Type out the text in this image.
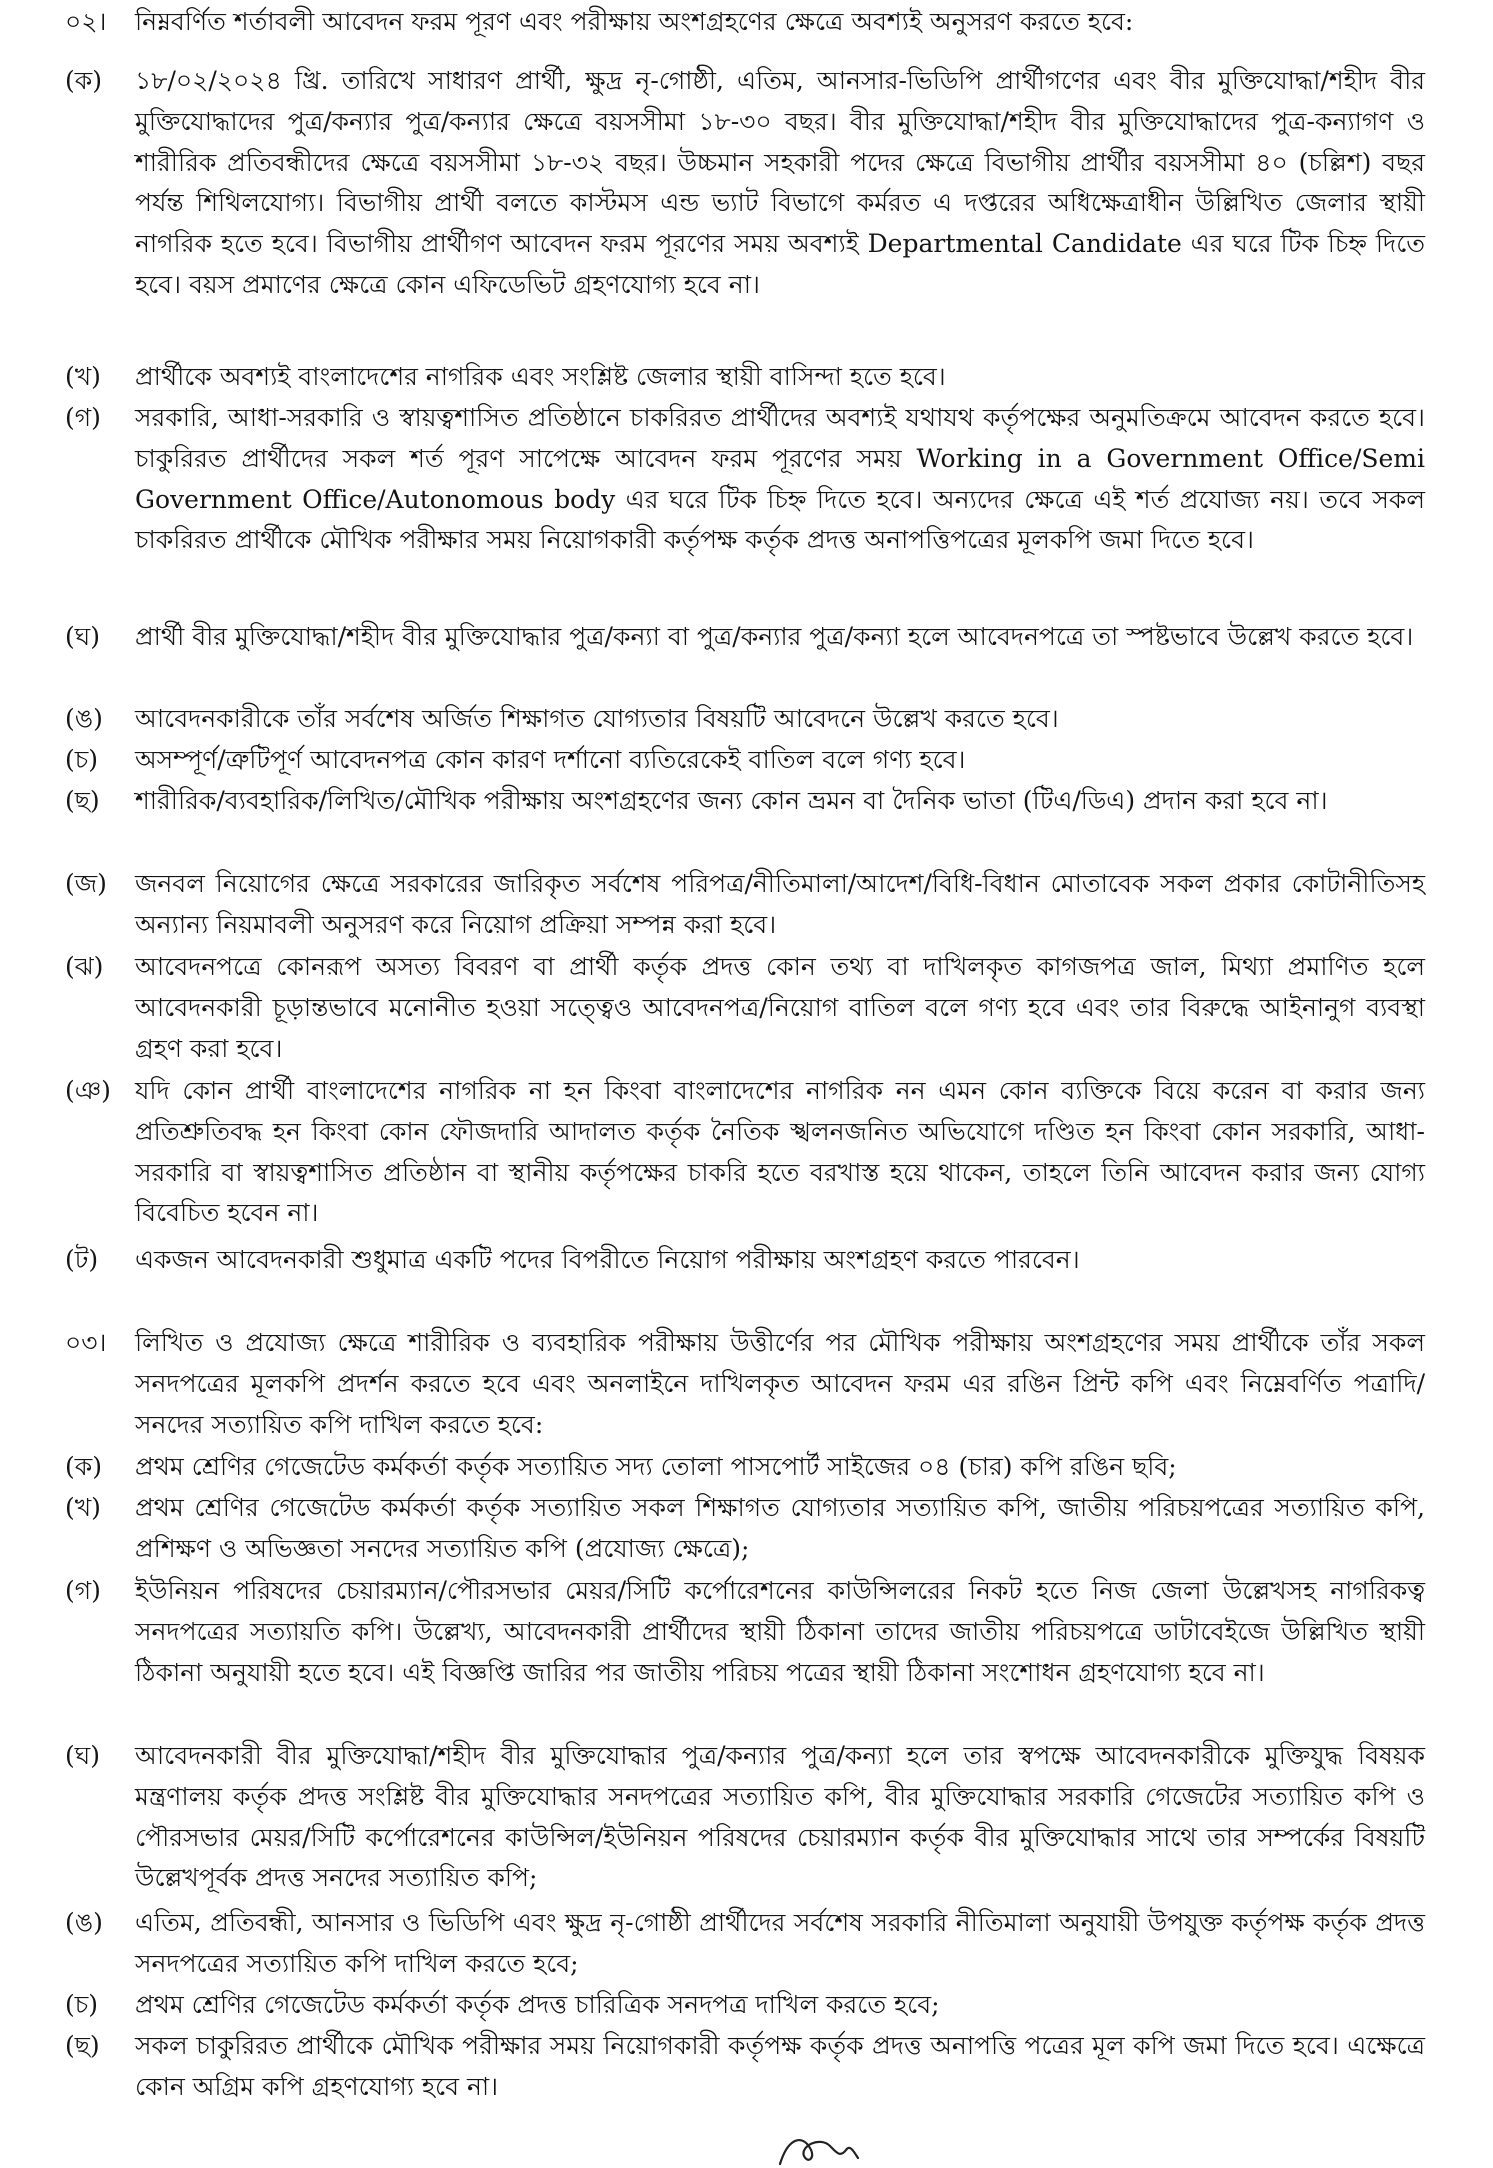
০২।	নিম্নবর্ণিত শর্তাবলী আবেদন ফরম পূরণ এবং পরীক্ষায় অংশগ্রহণের ক্ষেত্রে অবশ্যই অনুসরণ করতে হবে:
(ক)	১৮/০২/২০২৪ খ্রি. তারিখে সাধারণ প্রার্থী, ক্ষুদ্র নৃ-গোষ্ঠী, এতিম, আনসার-ভিডিপি প্রার্থীগণের এবং বীর মুক্তিযোদ্ধা/শহীদ বীর মুক্তিযোদ্ধাদের পুত্র/কন্যার পুত্র/কন্যার ক্ষেত্রে বয়সসীমা ১৮-৩০ বছর। বীর মুক্তিযোদ্ধা/শহীদ বীর মুক্তিযোদ্ধাদের পুত্র-কন্যাগণ ও শারীরিক প্রতিবন্ধীদের ক্ষেত্রে বয়সসীমা ১৮-৩২ বছর। উচ্চমান সহকারী পদের ক্ষেত্রে বিভাগীয় প্রার্থীর বয়সসীমা ৪০ (চল্লিশ) বছর পর্যন্ত শিথিলযোগ্য। বিভাগীয় প্রার্থী বলতে কাস্টমস এন্ড ভ্যাট বিভাগে কর্মরত এ দপ্তরের অধিক্ষেত্রাধীন উল্লিখিত জেলার স্থায়ী নাগরিক হতে হবে। বিভাগীয় প্রার্থীগণ আবেদন ফরম পূরণের সময় অবশ্যই Departmental Candidate এর ঘরে টিক চিহ্ন দিতে হবে। বয়স প্রমাণের ক্ষেত্রে কোন এফিডেভিট গ্রহণযোগ্য হবে না।
(খ)	প্রার্থীকে অবশ্যই বাংলাদেশের নাগরিক এবং সংশ্লিষ্ট জেলার স্থায়ী বাসিন্দা হতে হবে।
(গ)	সরকারি, আধা-সরকারি ও স্বায়ত্বশাসিত প্রতিষ্ঠানে চাকরিরত প্রার্থীদের অবশ্যই যথাযথ কর্তৃপক্ষের অনুমতিক্রমে আবেদন করতে হবে। চাকুরিরত প্রার্থীদের সকল শর্ত পূরণ সাপেক্ষে আবেদন ফরম পূরণের সময় Working in a Government Office/Semi Government Office/Autonomous body এর ঘরে টিক চিহ্ন দিতে হবে। অন্যদের ক্ষেত্রে এই শর্ত প্রযোজ্য নয়। তবে সকল চাকরিরত প্রার্থীকে মৌখিক পরীক্ষার সময় নিয়োগকারী কর্তৃপক্ষ কর্তৃক প্রদত্ত অনাপত্তিপত্রের মূলকপি জমা দিতে হবে।
(ঘ)	প্রার্থী বীর মুক্তিযোদ্ধা/শহীদ বীর মুক্তিযোদ্ধার পুত্র/কন্যা বা পুত্র/কন্যার পুত্র/কন্যা হলে আবেদনপত্রে তা স্পষ্টভাবে উল্লেখ করতে হবে।
(ঙ)	আবেদনকারীকে তাঁর সর্বশেষ অর্জিত শিক্ষাগত যোগ্যতার বিষয়টি আবেদনে উল্লেখ করতে হবে।
(চ)	অসম্পূর্ণ/ত্রুটিপূর্ণ আবেদনপত্র কোন কারণ দর্শানো ব্যতিরেকেই বাতিল বলে গণ্য হবে।
(ছ)	শারীরিক/ব্যবহারিক/লিখিত/মৌখিক পরীক্ষায় অংশগ্রহণের জন্য কোন ভ্রমন বা দৈনিক ভাতা (টিএ/ডিএ) প্রদান করা হবে না।
(জ)	জনবল নিয়োগের ক্ষেত্রে সরকারের জারিকৃত সর্বশেষ পরিপত্র/নীতিমালা/আদেশ/বিধি-বিধান মোতাবেক সকল প্রকার কোটানীতিসহ অন্যান্য নিয়মাবলী অনুসরণ করে নিয়োগ প্রক্রিয়া সম্পন্ন করা হবে।
(ঝ)	আবেদনপত্রে কোনরূপ অসত্য বিবরণ বা প্রার্থী কর্তৃক প্রদত্ত কোন তথ্য বা দাখিলকৃত কাগজপত্র জাল, মিথ্যা প্রমাণিত হলে আবেদনকারী চূড়ান্তভাবে মনোনীত হওয়া সত্ত্বেও আবেদনপত্র/নিয়োগ বাতিল বলে গণ্য হবে এবং তার বিরুদ্ধে আইনানুগ ব্যবস্থা গ্রহণ করা হবে।
(ঞ) যদি কোন প্রার্থী বাংলাদেশের নাগরিক না হন কিংবা বাংলাদেশের নাগরিক নন এমন কোন ব্যক্তিকে বিয়ে করেন বা করার জন্য প্রতিশ্রুতিবদ্ধ হন কিংবা কোন ফৌজদারি আদালত কর্তৃক নৈতিক স্খলনজনিত অভিযোগে দণ্ডিত হন কিংবা কোন সরকারি, আধা-সরকারি বা স্বায়ত্বশাসিত প্রতিষ্ঠান বা স্থানীয় কর্তৃপক্ষের চাকরি হতে বরখাস্ত হয়ে থাকেন, তাহলে তিনি আবেদন করার জন্য যোগ্য বিবেচিত হবেন না।
(ট)	একজন আবেদনকারী শুধুমাত্র একটি পদের বিপরীতে নিয়োগ পরীক্ষায় অংশগ্রহণ করতে পারবেন।
০৩।	লিখিত ও প্রযোজ্য ক্ষেত্রে শারীরিক ও ব্যবহারিক পরীক্ষায় উত্তীর্ণের পর মৌখিক পরীক্ষায় অংশগ্রহণের সময় প্রার্থীকে তাঁর সকল সনদপত্রের মূলকপি প্রদর্শন করতে হবে এবং অনলাইনে দাখিলকৃত আবেদন ফরম এর রঙিন প্রিন্ট কপি এবং নিম্নেবর্ণিত পত্রাদি/সনদের সত্যায়িত কপি দাখিল করতে হবে:
(ক)	প্রথম শ্রেণির গেজেটেড কর্মকর্তা কর্তৃক সত্যায়িত সদ্য তোলা পাসপোর্ট সাইজের ০৪ (চার) কপি রঙিন ছবি;
(খ)	প্রথম শ্রেণির গেজেটেড কর্মকর্তা কর্তৃক সত্যায়িত সকল শিক্ষাগত যোগ্যতার সত্যায়িত কপি, জাতীয় পরিচয়পত্রের সত্যায়িত কপি, প্রশিক্ষণ ও অভিজ্ঞতা সনদের সত্যায়িত কপি (প্রযোজ্য ক্ষেত্রে);
(গ)	ইউনিয়ন পরিষদের চেয়ারম্যান/পৌরসভার মেয়র/সিটি কর্পোরেশনের কাউন্সিলরের নিকট হতে নিজ জেলা উল্লেখসহ নাগরিকত্ব সনদপত্রের সত্যায়তি কপি। উল্লেখ্য, আবেদনকারী প্রার্থীদের স্থায়ী ঠিকানা তাদের জাতীয় পরিচয়পত্রে ডাটাবেইজে উল্লিখিত স্থায়ী ঠিকানা অনুযায়ী হতে হবে। এই বিজ্ঞপ্তি জারির পর জাতীয় পরিচয় পত্রের স্থায়ী ঠিকানা সংশোধন গ্রহণযোগ্য হবে না।
(ঘ)	আবেদনকারী বীর মুক্তিযোদ্ধা/শহীদ বীর মুক্তিযোদ্ধার পুত্র/কন্যার পুত্র/কন্যা হলে তার স্বপক্ষে আবেদনকারীকে মুক্তিযুদ্ধ বিষয়ক মন্ত্রণালয় কর্তৃক প্রদত্ত সংশ্লিষ্ট বীর মুক্তিযোদ্ধার সনদপত্রের সত্যায়িত কপি, বীর মুক্তিযোদ্ধার সরকারি গেজেটের সত্যায়িত কপি ও পৌরসভার মেয়র/সিটি কর্পোরেশনের কাউন্সিল/ইউনিয়ন পরিষদের চেয়ারম্যান কর্তৃক বীর মুক্তিযোদ্ধার সাথে তার সম্পর্কের বিষয়টি উল্লেখপূর্বক প্রদত্ত সনদের সত্যায়িত কপি;
(ঙ)	এতিম, প্রতিবন্ধী, আনসার ও ভিডিপি এবং ক্ষুদ্র নৃ-গোষ্ঠী প্রার্থীদের সর্বশেষ সরকারি নীতিমালা অনুযায়ী উপযুক্ত কর্তৃপক্ষ কর্তৃক প্রদত্ত সনদপত্রের সত্যায়িত কপি দাখিল করতে হবে;
(চ)	প্রথম শ্রেণির গেজেটেড কর্মকর্তা কর্তৃক প্রদত্ত চারিত্রিক সনদপত্র দাখিল করতে হবে;
(ছ)	সকল চাকুরিরত প্রার্থীকে মৌখিক পরীক্ষার সময় নিয়োগকারী কর্তৃপক্ষ কর্তৃক প্রদত্ত অনাপত্তি পত্রের মূল কপি জমা দিতে হবে। এক্ষেত্রে কোন অগ্রিম কপি গ্রহণযোগ্য হবে না।
